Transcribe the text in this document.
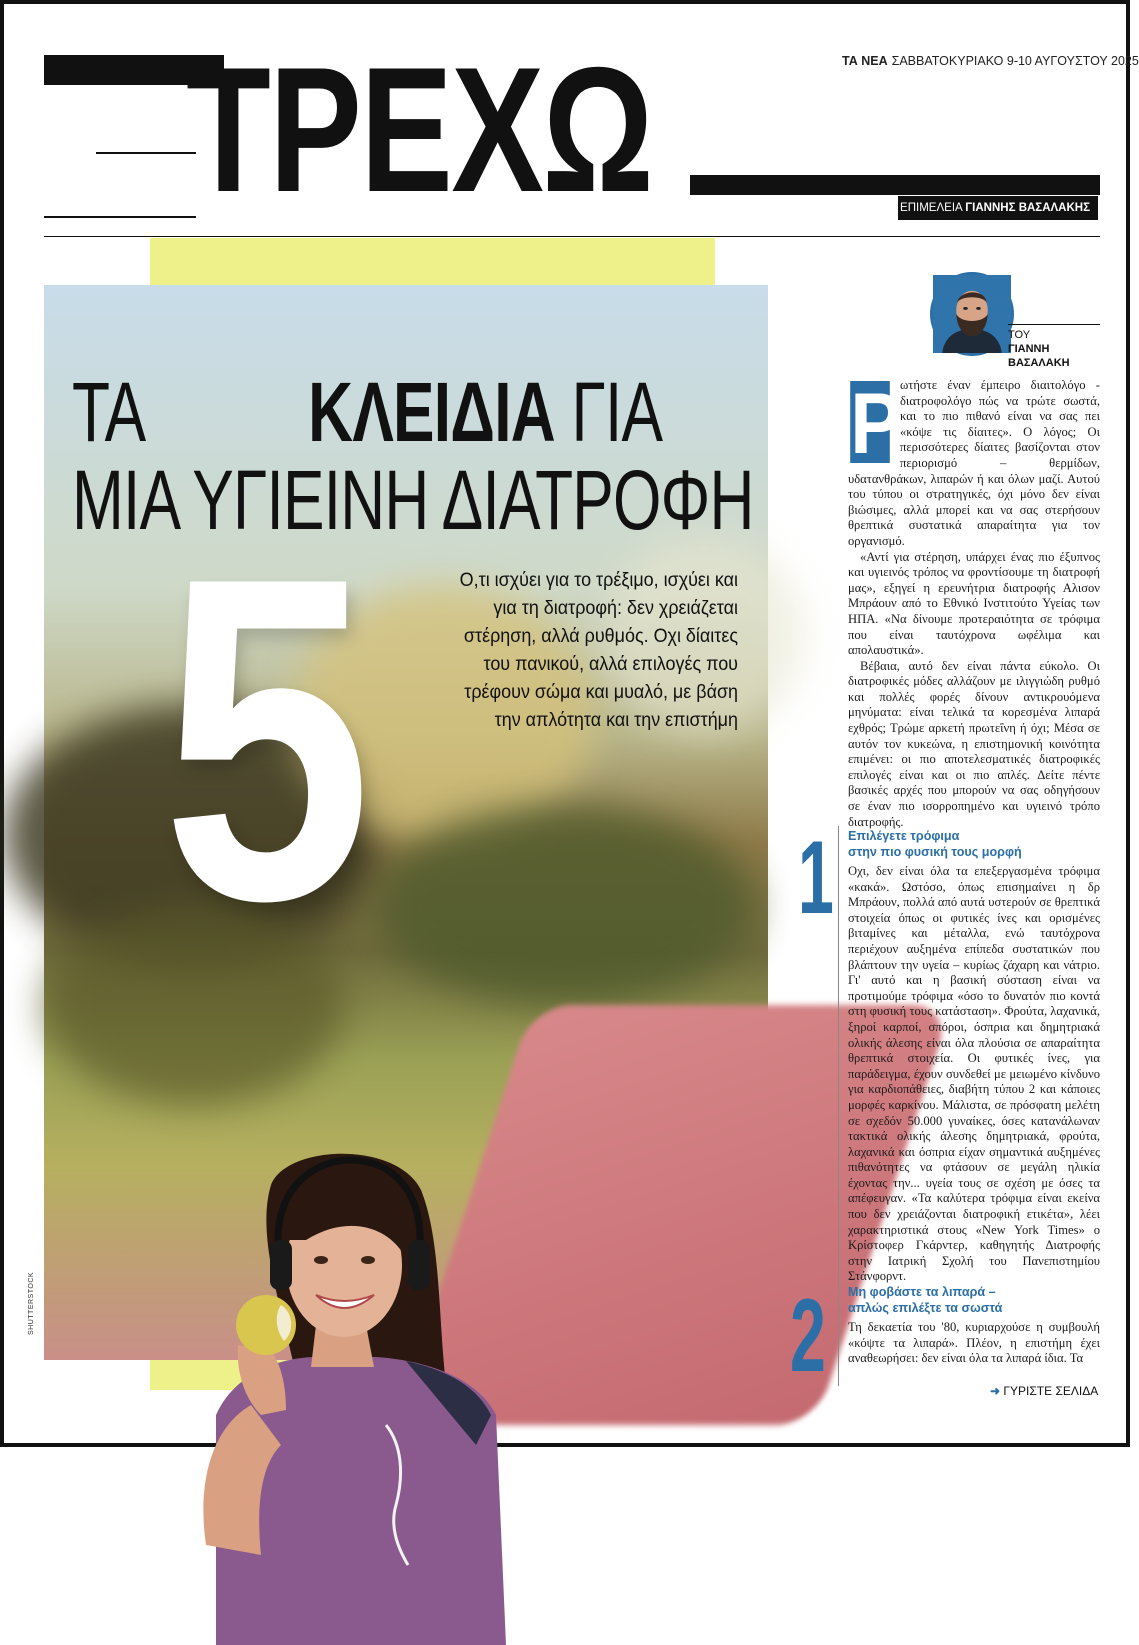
ΤΡΕΧΩ	ΤΑ ΝΕΑ ΣΑΒΒΑΤΟΚΥΡΙΑΚΟ 9-10 ΑΥΓΟΥΣΤΟΥ 2025
ΕΠΙΜΕΛΕΙΑ ΓΙΑΝΝΗΣ ΒΑΣΑΛΑΚΗΣ
5
ΤΑ ΚΛΕΙΔΙΑ ΓΙΑ
ΜΙΑ ΥΓΙΕΙΝΗ ΔΙΑΤΡΟΦΗ
Ο,τι ισχύει για το τρέξιμο, ισχύει και για τη διατροφή: δεν χρειάζεται στέρηση, αλλά ρυθμός. Οχι δίαιτες του πανικού, αλλά επιλογές που τρέφουν σώμα και μυαλό, με βάση την απλότητα και την επιστήμη
SHUTTERSTOCK
ΤΟΥ
ΓΙΑΝΝΗ
ΒΑΣΑΛΑΚΗ
Ρ

ωτήστε έναν έμπειρο διαιτολόγο - διατροφολόγο πώς να τρώτε σωστά, και το πιο πιθανό είναι να σας πει «κόψε τις δίαιτες». Ο λόγος; Οι περισσότερες δίαιτες βασίζονται στον περιορισμό – θερμίδων, υδατανθράκων, λιπαρών ή και όλων μαζί. Αυτού του τύπου οι στρατηγικές, όχι μόνο δεν είναι βιώσιμες, αλλά μπορεί και να σας στερήσουν θρεπτικά συστατικά απαραίτητα για τον οργανισμό.

«Αντί για στέρηση, υπάρχει ένας πιο έξυπνος και υγιεινός τρόπος να φροντίσουμε τη διατροφή μας», εξηγεί η ερευνήτρια διατροφής Αλισον Μπράουν από το Εθνικό Ινστιτούτο Υγείας των ΗΠΑ. «Να δίνουμε προτεραιότητα σε τρόφιμα που είναι ταυτόχρονα ωφέλιμα και απολαυστικά».

Βέβαια, αυτό δεν είναι πάντα εύκολο. Οι διατροφικές μόδες αλλάζουν με ιλιγγιώδη ρυθμό και πολλές φορές δίνουν αντικρουόμενα μηνύματα: είναι τελικά τα κορεσμένα λιπαρά εχθρός; Τρώμε αρκετή πρωτεΐνη ή όχι; Μέσα σε αυτόν τον κυκεώνα, η επιστημονική κοινότητα επιμένει: οι πιο αποτελεσματικές διατροφικές επιλογές είναι και οι πιο απλές. Δείτε πέντε βασικές αρχές που μπορούν να σας οδηγήσουν σε έναν πιο ισορροπημένο και υγιεινό τρόπο διατροφής.

1 Επιλέγετε τρόφιμα
στην πιο φυσική τους μορφή

Οχι, δεν είναι όλα τα επεξεργασμένα τρόφιμα «κακά». Ωστόσο, όπως επισημαίνει η δρ Μπράουν, πολλά από αυτά υστερούν σε θρεπτικά στοιχεία όπως οι φυτικές ίνες και ορισμένες βιταμίνες και μέταλλα, ενώ ταυτόχρονα περιέχουν αυξημένα επίπεδα συστατικών που βλάπτουν την υγεία – κυρίως ζάχαρη και νάτριο. Γι' αυτό και η βασική σύσταση είναι να προτιμούμε τρόφιμα «όσο το δυνατόν πιο κοντά στη φυσική τους κατάσταση». Φρούτα, λαχανικά, ξηροί καρποί, σπόροι, όσπρια και δημητριακά ολικής άλεσης είναι όλα πλούσια σε απαραίτητα θρεπτικά στοιχεία. Οι φυτικές ίνες, για παράδειγμα, έχουν συνδεθεί με μειωμένο κίνδυνο για καρδιοπάθειες, διαβήτη τύπου 2 και κάποιες μορφές καρκίνου. Μάλιστα, σε πρόσφατη μελέτη σε σχεδόν 50.000 γυναίκες, όσες κατανάλωναν τακτικά ολικής άλεσης δημητριακά, φρούτα, λαχανικά και όσπρια είχαν σημαντικά αυξημένες πιθανότητες να φτάσουν σε μεγάλη ηλικία έχοντας την... υγεία τους σε σχέση με όσες τα απέφευγαν. «Τα καλύτερα τρόφιμα είναι εκείνα που δεν χρειάζονται διατροφική ετικέτα», λέει χαρακτηριστικά στους «New York Times» ο Κρίστοφερ Γκάρντερ, καθηγητής Διατροφής στην Ιατρική Σχολή του Πανεπιστημίου Στάνφορντ.

2 Μη φοβάστε τα λιπαρά –
απλώς επιλέξτε τα σωστά

Τη δεκαετία του '80, κυριαρχούσε η συμβουλή «κόψτε τα λιπαρά». Πλέον, η επιστήμη έχει αναθεωρήσει: δεν είναι όλα τα λιπαρά ίδια. Τα

➜ ΓΥΡΙΣΤΕ ΣΕΛΙΔΑ
